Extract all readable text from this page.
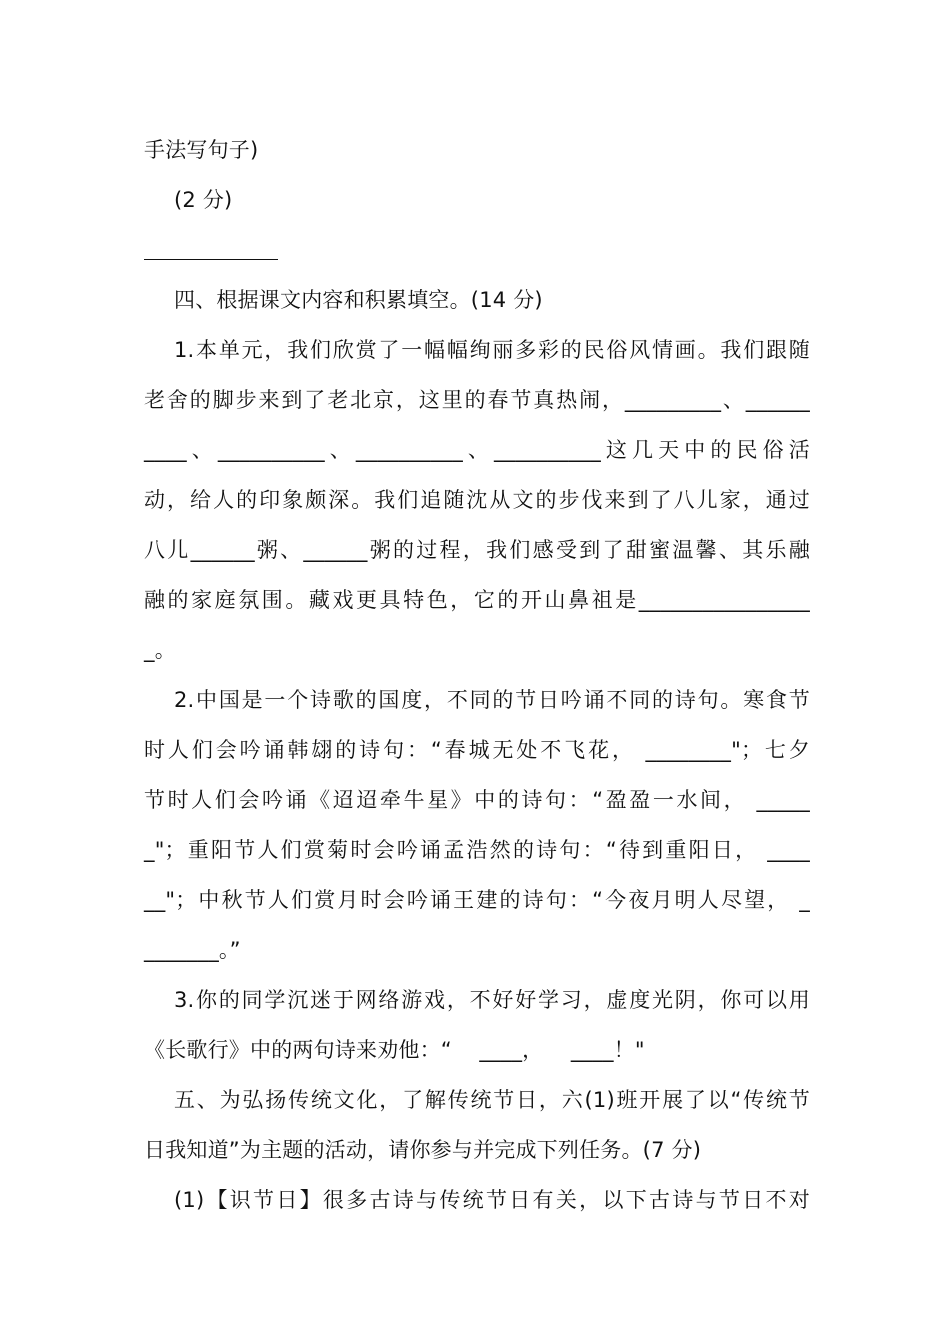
手法写句子)
(2 分)
四、根据课文内容和积累填空。(14 分)
1.本单元，我们欣赏了一幅幅绚丽多彩的民俗风情画。我们跟随
老舍的脚步来到了老北京，这里的春节真热闹，_________、______
____、__________、__________、__________这几天中的民俗活
动，给人的印象颇深。我们追随沈从文的步伐来到了八儿家，通过
八儿______粥、______粥的过程，我们感受到了甜蜜温馨、其乐融
融的家庭氛围。藏戏更具特色，它的开山鼻祖是________________
_。
2.中国是一个诗歌的国度，不同的节日吟诵不同的诗句。寒食节
时人们会吟诵韩翃的诗句：“春城无处不飞花， ________"；七夕
节时人们会吟诵《迢迢牵牛星》中的诗句：“盈盈一水间， _____
_"；重阳节人们赏菊时会吟诵孟浩然的诗句：“待到重阳日， ____
__"；中秋节人们赏月时会吟诵王建的诗句：“今夜月明人尽望， _
_______。”
3.你的同学沉迷于网络游戏，不好好学习，虚度光阴，你可以用
《长歌行》中的两句诗来劝他：“    ____，    ____！"
五、为弘扬传统文化，了解传统节日，六(1)班开展了以“传统节
日我知道”为主题的活动，请你参与并完成下列任务。(7 分)
(1)【识节日】很多古诗与传统节日有关，以下古诗与节日不对
